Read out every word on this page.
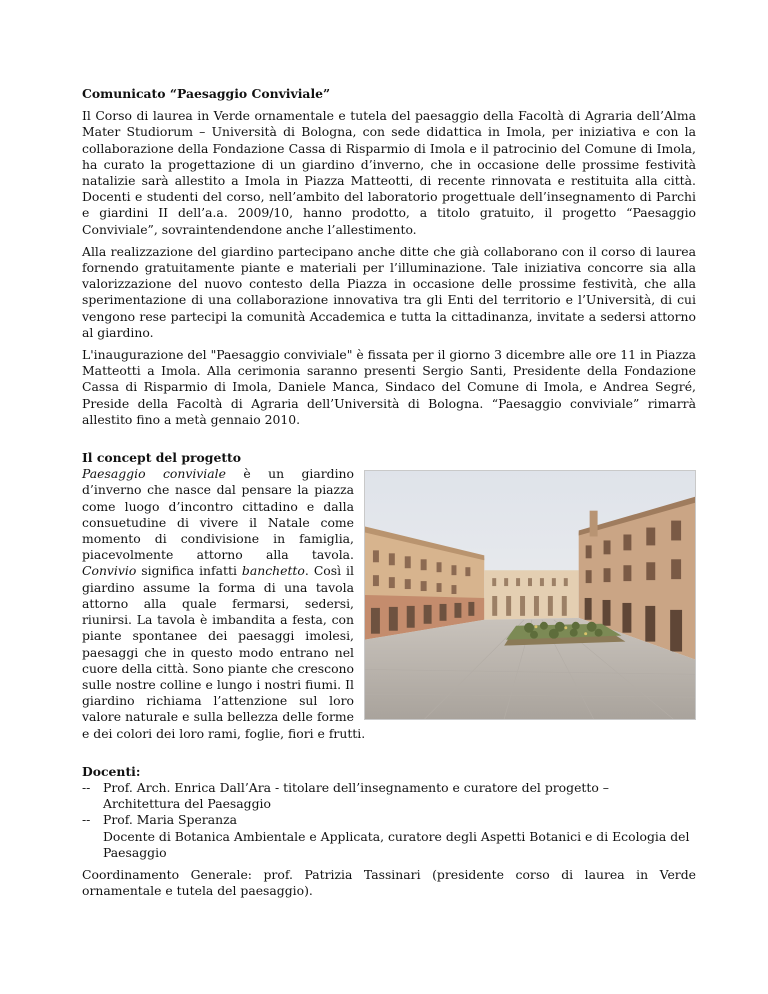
Comunicato “Paesaggio Conviviale”

Il Corso di laurea in Verde ornamentale e tutela del paesaggio della Facoltà di Agraria dell’Alma Mater Studiorum – Università di Bologna, con sede didattica in Imola, per iniziativa e con la collaborazione della Fondazione Cassa di Risparmio di Imola e il patrocinio del Comune di Imola, ha curato la progettazione di un giardino d’inverno, che in occasione delle prossime festività natalizie sarà allestito a Imola in Piazza Matteotti, di recente rinnovata e restituita alla città. Docenti e studenti del corso, nell’ambito del laboratorio progettuale dell’insegnamento di Parchi e giardini II dell’a.a. 2009/10, hanno prodotto, a titolo gratuito, il progetto “Paesaggio Conviviale”, sovraintendendone anche l’allestimento.

Alla realizzazione del giardino partecipano anche ditte che già collaborano con il corso di laurea fornendo gratuitamente piante e materiali per l’illuminazione. Tale iniziativa concorre sia alla valorizzazione del nuovo contesto della Piazza in occasione delle prossime festività, che alla sperimentazione di una collaborazione innovativa tra gli Enti del territorio e l’Università, di cui vengono rese partecipi la comunità Accademica e tutta la cittadinanza, invitate a sedersi attorno al giardino.

L'inaugurazione del "Paesaggio conviviale" è fissata per il giorno 3 dicembre alle ore 11 in Piazza Matteotti a Imola. Alla cerimonia saranno presenti Sergio Santi, Presidente della Fondazione Cassa di Risparmio di Imola, Daniele Manca, Sindaco del Comune di Imola, e Andrea Segré, Preside della Facoltà di Agraria dell’Università di Bologna. “Paesaggio conviviale” rimarrà allestito fino a metà gennaio 2010.

Il concept del progetto

Paesaggio conviviale è un giardino d’inverno che nasce dal pensare la piazza come luogo d’incontro cittadino e dalla consuetudine di vivere il Natale come momento di condivisione in famiglia, piacevolmente attorno alla tavola. Convivio significa infatti banchetto. Così il giardino assume la forma di una tavola attorno alla quale fermarsi, sedersi, riunirsi. La tavola è imbandita a festa, con piante spontanee dei paesaggi imolesi, paesaggi che in questo modo entrano nel cuore della città. Sono piante che crescono sulle nostre colline e lungo i nostri fiumi. Il giardino richiama l’attenzione sul loro valore naturale e sulla bellezza delle forme e dei colori dei loro rami, foglie, fiori e frutti.

Docenti:
-- Prof. Arch. Enrica Dall’Ara - titolare dell’insegnamento e curatore del progetto –
Architettura del Paesaggio
-- Prof. Maria Speranza
Docente di Botanica Ambientale e Applicata, curatore degli Aspetti Botanici e di Ecologia del Paesaggio

Coordinamento Generale: prof. Patrizia Tassinari (presidente corso di laurea in Verde ornamentale e tutela del paesaggio).
